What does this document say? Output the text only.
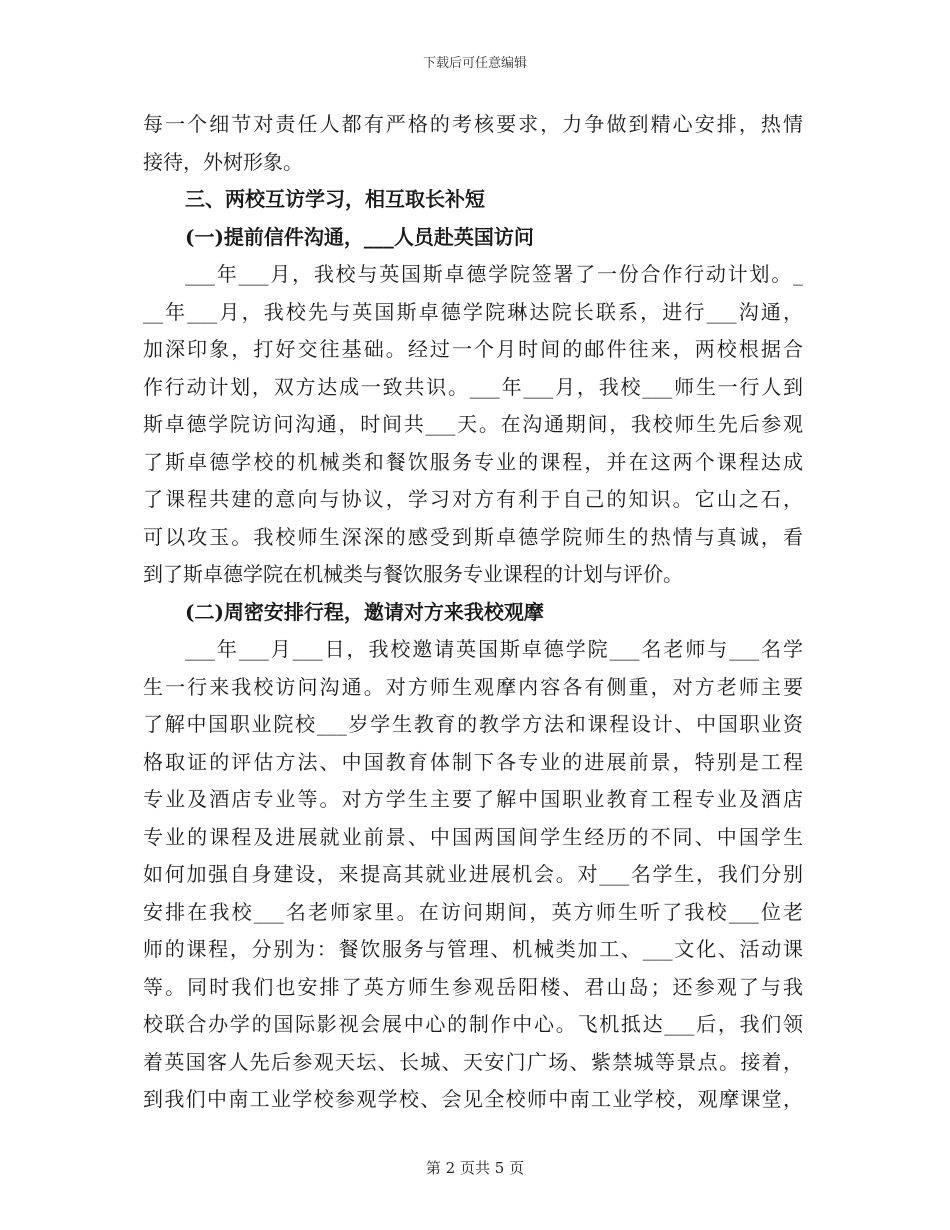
下载后可任意编辑
每一个细节对责任人都有严格的考核要求，力争做到精心安排，热情
接待，外树形象。
三、两校互访学习，相互取长补短
(一)提前信件沟通，___人员赴英国访问
___年___月，我校与英国斯卓德学院签署了一份合作行动计划。_
__年___月，我校先与英国斯卓德学院琳达院长联系，进行___沟通，
加深印象，打好交往基础。经过一个月时间的邮件往来，两校根据合
作行动计划，双方达成一致共识。___年___月，我校___师生一行人到
斯卓德学院访问沟通，时间共___天。在沟通期间，我校师生先后参观
了斯卓德学校的机械类和餐饮服务专业的课程，并在这两个课程达成
了课程共建的意向与协议，学习对方有利于自己的知识。它山之石，
可以攻玉。我校师生深深的感受到斯卓德学院师生的热情与真诚，看
到了斯卓德学院在机械类与餐饮服务专业课程的计划与评价。
(二)周密安排行程，邀请对方来我校观摩
___年___月___日，我校邀请英国斯卓德学院___名老师与___名学
生一行来我校访问沟通。对方师生观摩内容各有侧重，对方老师主要
了解中国职业院校___岁学生教育的教学方法和课程设计、中国职业资
格取证的评估方法、中国教育体制下各专业的进展前景，特别是工程
专业及酒店专业等。对方学生主要了解中国职业教育工程专业及酒店
专业的课程及进展就业前景、中国两国间学生经历的不同、中国学生
如何加强自身建设，来提高其就业进展机会。对___名学生，我们分别
安排在我校___名老师家里。在访问期间，英方师生听了我校___位老
师的课程，分别为：餐饮服务与管理、机械类加工、___文化、活动课
等。同时我们也安排了英方师生参观岳阳楼、君山岛；还参观了与我
校联合办学的国际影视会展中心的制作中心。飞机抵达___后，我们领
着英国客人先后参观天坛、长城、天安门广场、紫禁城等景点。接着，
到我们中南工业学校参观学校、会见全校师中南工业学校，观摩课堂，
第 2 页共 5 页
